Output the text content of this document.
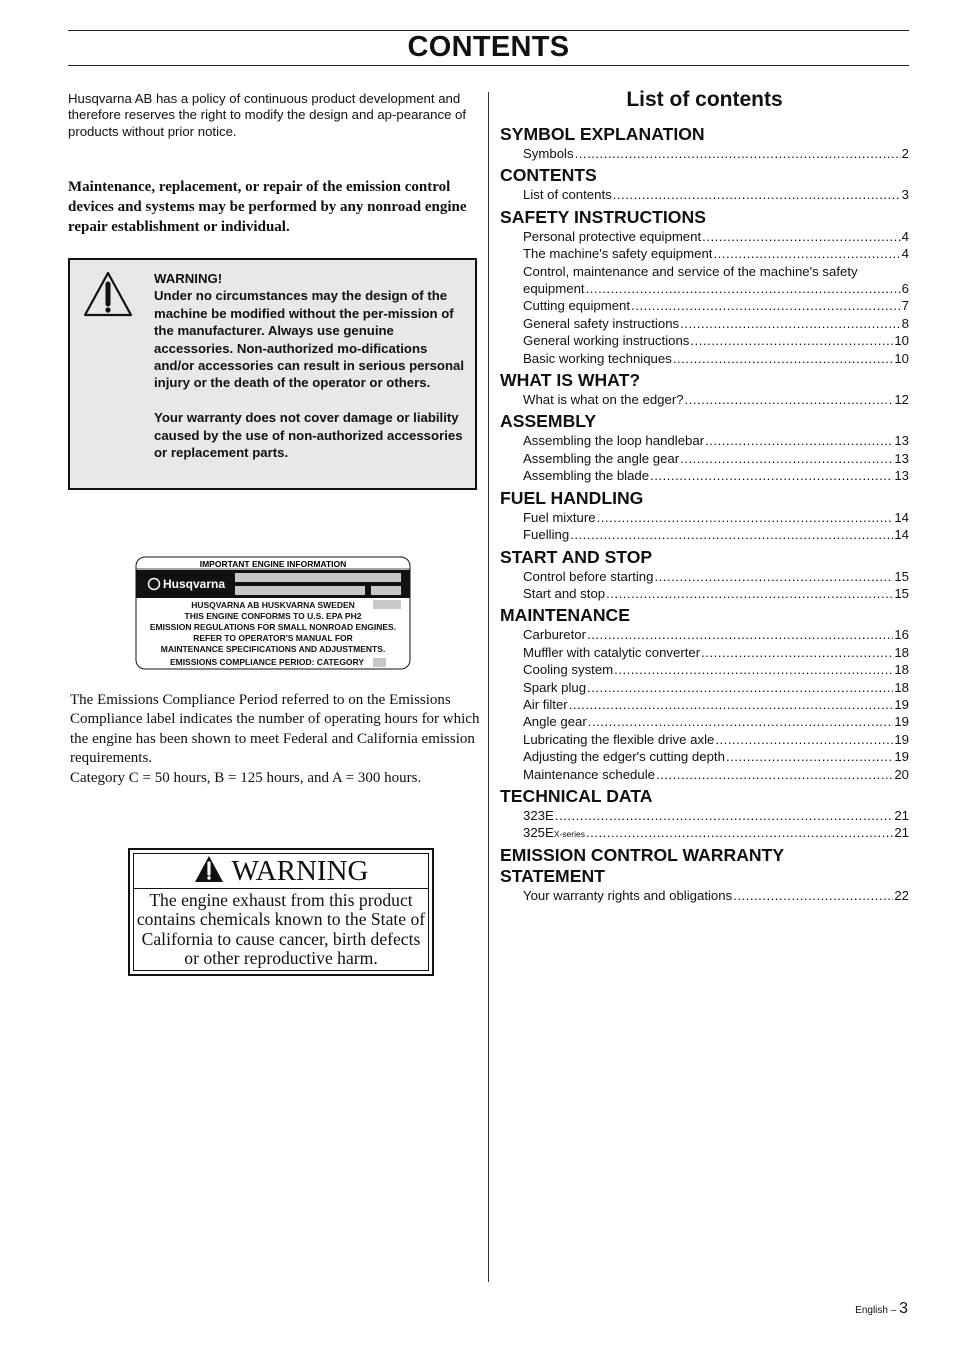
CONTENTS

Husqvarna AB has a policy of continuous product development and therefore reserves the right to modify the design and ap-pearance of products without prior notice.

Maintenance, replacement, or repair of the emission control devices and systems may be performed by any nonroad engine repair establishment or individual.

WARNING!

Under no circumstances may the design of the machine be modified without the per-mission of the manufacturer. Always use genuine accessories. Non-authorized mo-difications and/or accessories can result in serious personal injury or the death of the operator or others.

Your warranty does not cover damage or liability caused by the use of non-authorized accessories or replacement parts.

IMPORTANT ENGINE INFORMATION
Husqvarna
HUSQVARNA AB HUSKVARNA SWEDEN
THIS ENGINE CONFORMS TO U.S. EPA PH2
EMISSION REGULATIONS FOR SMALL NONROAD ENGINES.
REFER TO OPERATOR'S MANUAL FOR
MAINTENANCE SPECIFICATIONS AND ADJUSTMENTS.
EMISSIONS COMPLIANCE PERIOD: CATEGORY
The Emissions Compliance Period referred to on the Emissions Compliance label indicates the number of operating hours for which the engine has been shown to meet Federal and California emission requirements.
Category C = 50 hours, B = 125 hours, and A = 300 hours.
WARNING

The engine exhaust from this product contains chemicals known to the State of California to cause cancer, birth defects or other reproductive harm.

List of contents
SYMBOL EXPLANATION
Symbols .....	2
CONTENTS
List of contents .....	3
SAFETY INSTRUCTIONS
Personal protective equipment .....	4
The machine's safety equipment .....	4
Control, maintenance and service of the machine's safety
equipment .....	6
Cutting equipment .....	7
General safety instructions .....	8
General working instructions .....	10
Basic working techniques .....	10
WHAT IS WHAT?
What is what on the edger? .....	12
ASSEMBLY
Assembling the loop handlebar .....	13
Assembling the angle gear .....	13
Assembling the blade .....	13
FUEL HANDLING
Fuel mixture .....	14
Fuelling .....	14
START AND STOP
Control before starting .....	15
Start and stop .....	15
MAINTENANCE
Carburetor .....	16
Muffler with catalytic converter .....	18
Cooling system .....	18
Spark plug .....	18
Air filter .....	19
Angle gear .....	19
Lubricating the flexible drive axle .....	19
Adjusting the edger's cutting depth .....	19
Maintenance schedule .....	20
TECHNICAL DATA
323E .....	21
325E X-series .....	21
EMISSION CONTROL WARRANTY
STATEMENT
Your warranty rights and obligations .....	22
English – 3
